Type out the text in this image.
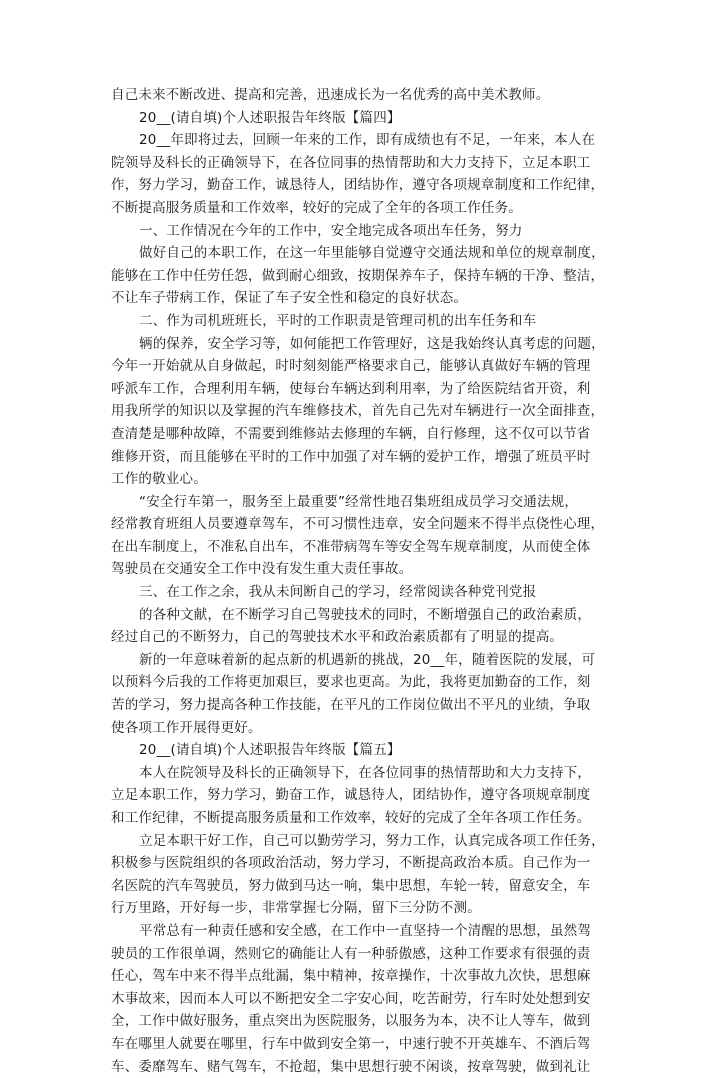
自己未来不断改进、提高和完善，迅速成长为一名优秀的高中美术教师。
20__(请自填)个人述职报告年终版【篇四】
20__年即将过去，回顾一年来的工作，即有成绩也有不足，一年来，本人在
院领导及科长的正确领导下，在各位同事的热情帮助和大力支持下，立足本职工
作，努力学习，勤奋工作，诚恳待人，团结协作，遵守各项规章制度和工作纪律，
不断提高服务质量和工作效率，较好的完成了全年的各项工作任务。
一、工作情况在今年的工作中，安全地完成各项出车任务，努力
做好自己的本职工作，在这一年里能够自觉遵守交通法规和单位的规章制度，
能够在工作中任劳任怨，做到耐心细致，按期保养车子，保持车辆的干净、整洁，
不让车子带病工作，保证了车子安全性和稳定的良好状态。
二、作为司机班班长，平时的工作职责是管理司机的出车任务和车
辆的保养，安全学习等，如何能把工作管理好，这是我始终认真考虑的问题，
今年一开始就从自身做起，时时刻刻能严格要求自己，能够认真做好车辆的管理
呼派车工作，合理利用车辆，使每台车辆达到利用率，为了给医院结省开资，利
用我所学的知识以及掌握的汽车维修技术，首先自己先对车辆进行一次全面排查，
查清楚是哪种故障，不需要到维修站去修理的车辆，自行修理，这不仅可以节省
维修开资，而且能够在平时的工作中加强了对车辆的爱护工作，增强了班员平时
工作的敬业心。
“安全行车第一，服务至上最重要”经常性地召集班组成员学习交通法规，
经常教育班组人员要遵章驾车，不可习惯性违章，安全问题来不得半点侥性心理，
在出车制度上，不准私自出车，不准带病驾车等安全驾车规章制度，从而使全体
驾驶员在交通安全工作中没有发生重大责任事故。
三、在工作之余，我从未间断自己的学习，经常阅读各种党刊党报
的各种文献，在不断学习自己驾驶技术的同时，不断增强自己的政治素质，
经过自己的不断努力，自己的驾驶技术水平和政治素质都有了明显的提高。
新的一年意味着新的起点新的机遇新的挑战，20__年，随着医院的发展，可
以预料今后我的工作将更加艰巨，要求也更高。为此，我将更加勤奋的工作，刻
苦的学习，努力提高各种工作技能，在平凡的工作岗位做出不平凡的业绩，争取
使各项工作开展得更好。
20__(请自填)个人述职报告年终版【篇五】
本人在院领导及科长的正确领导下，在各位同事的热情帮助和大力支持下，
立足本职工作，努力学习，勤奋工作，诚恳待人，团结协作，遵守各项规章制度
和工作纪律，不断提高服务质量和工作效率，较好的完成了全年各项工作任务。
立足本职干好工作，自己可以勤劳学习，努力工作，认真完成各项工作任务，
积极参与医院组织的各项政治活动，努力学习，不断提高政治本质。自己作为一
名医院的汽车驾驶员，努力做到马达一响，集中思想，车轮一转，留意安全，车
行万里路，开好每一步，非常掌握七分隔，留下三分防不测。
平常总有一种责任感和安全感，在工作中一直坚持一个清醒的思想，虽然驾
驶员的工作很单调，然则它的确能让人有一种骄傲感，这种工作要求有很强的责
任心，驾车中来不得半点纰漏，集中精神，按章操作，十次事故九次快，思想麻
木事故来，因而本人可以不断把安全二字安心间，吃苦耐劳，行车时处处想到安
全，工作中做好服务，重点突出为医院服务，以服务为本，决不让人等车，做到
车在哪里人就要在哪里，行车中做到安全第一，中速行驶不开英雄车、不酒后驾
车、委靡驾车、赌气驾车，不抢超，集中思想行驶不闲谈，按章驾驶，做到礼让
